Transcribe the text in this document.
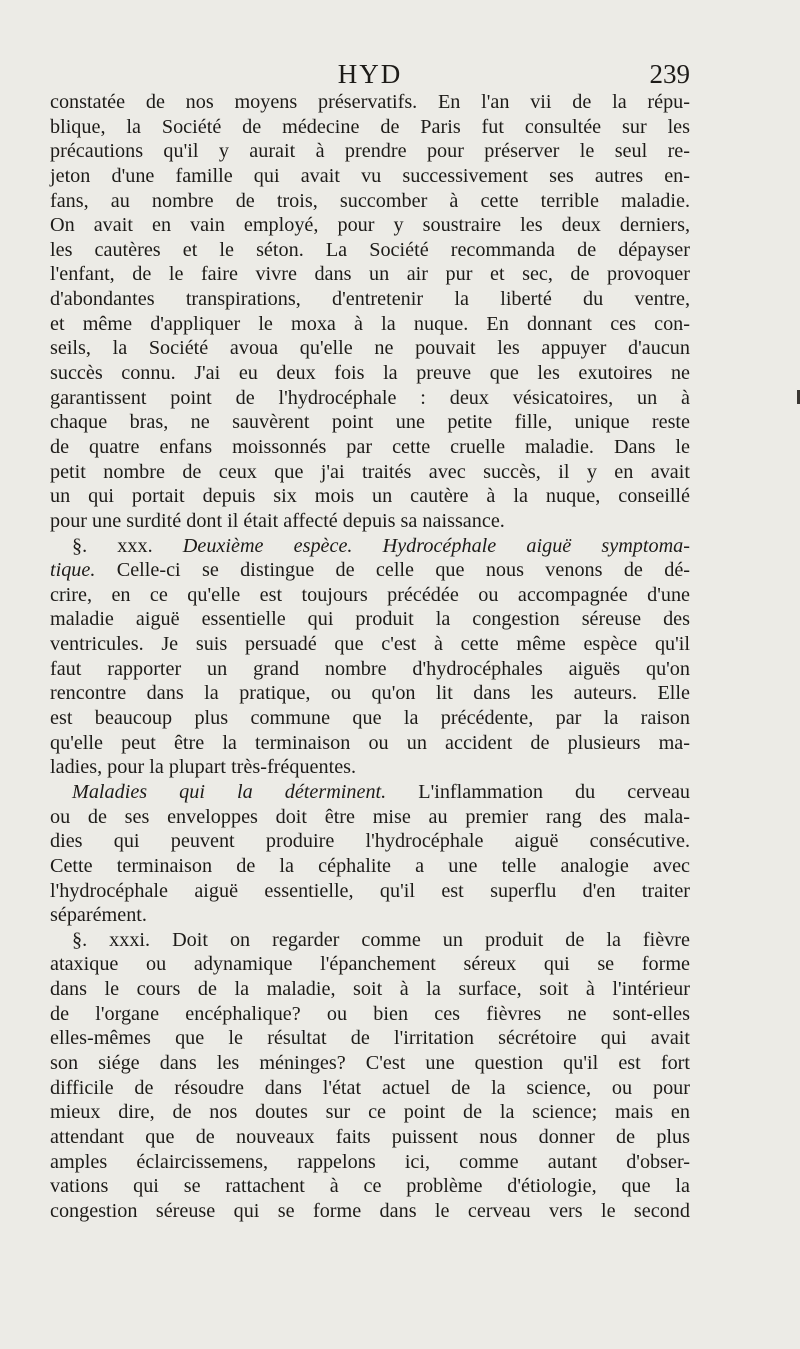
HYD	239
constatée de nos moyens préservatifs. En l'an vii de la répu-
blique, la Société de médecine de Paris fut consultée sur les
précautions qu'il y aurait à prendre pour préserver le seul re-
jeton d'une famille qui avait vu successivement ses autres en-
fans, au nombre de trois, succomber à cette terrible maladie.
On avait en vain employé, pour y soustraire les deux derniers,
les cautères et le séton. La Société recommanda de dépayser
l'enfant, de le faire vivre dans un air pur et sec, de provoquer
d'abondantes transpirations, d'entretenir la liberté du ventre,
et même d'appliquer le moxa à la nuque. En donnant ces con-
seils, la Société avoua qu'elle ne pouvait les appuyer d'aucun
succès connu. J'ai eu deux fois la preuve que les exutoires ne
garantissent point de l'hydrocéphale : deux vésicatoires, un à
chaque bras, ne sauvèrent point une petite fille, unique reste
de quatre enfans moissonnés par cette cruelle maladie. Dans le
petit nombre de ceux que j'ai traités avec succès, il y en avait
un qui portait depuis six mois un cautère à la nuque, conseillé
pour une surdité dont il était affecté depuis sa naissance.
§. xxx. Deuxième espèce. Hydrocéphale aiguë symptoma-
tique. Celle-ci se distingue de celle que nous venons de dé-
crire, en ce qu'elle est toujours précédée ou accompagnée d'une
maladie aiguë essentielle qui produit la congestion séreuse des
ventricules. Je suis persuadé que c'est à cette même espèce qu'il
faut rapporter un grand nombre d'hydrocéphales aiguës qu'on
rencontre dans la pratique, ou qu'on lit dans les auteurs. Elle
est beaucoup plus commune que la précédente, par la raison
qu'elle peut être la terminaison ou un accident de plusieurs ma-
ladies, pour la plupart très-fréquentes.
Maladies qui la déterminent. L'inflammation du cerveau
ou de ses enveloppes doit être mise au premier rang des mala-
dies qui peuvent produire l'hydrocéphale aiguë consécutive.
Cette terminaison de la céphalite a une telle analogie avec
l'hydrocéphale aiguë essentielle, qu'il est superflu d'en traiter
séparément.
§. xxxi. Doit on regarder comme un produit de la fièvre
ataxique ou adynamique l'épanchement séreux qui se forme
dans le cours de la maladie, soit à la surface, soit à l'intérieur
de l'organe encéphalique? ou bien ces fièvres ne sont-elles
elles-mêmes que le résultat de l'irritation sécrétoire qui avait
son siége dans les méninges? C'est une question qu'il est fort
difficile de résoudre dans l'état actuel de la science, ou pour
mieux dire, de nos doutes sur ce point de la science; mais en
attendant que de nouveaux faits puissent nous donner de plus
amples éclaircissemens, rappelons ici, comme autant d'obser-
vations qui se rattachent à ce problème d'étiologie, que la
congestion séreuse qui se forme dans le cerveau vers le second
